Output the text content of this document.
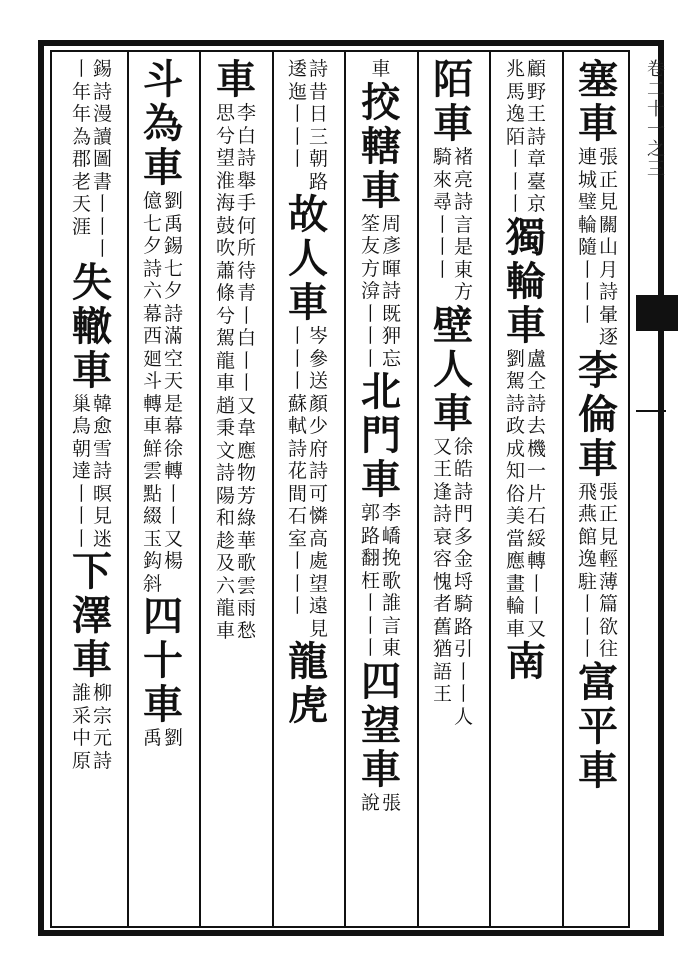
卷
二
十
一
之
三
塞
車
張
正
見
關
山
月
詩
暈
逐
連
城
璧
輪
隨
丨
丨
丨
李
倫
車
張
正
見
輕
薄
篇
欲
往
飛
燕
館
逸
駐
丨
丨
丨
富
平
車
顧
野
王
詩
章
臺
京
兆
馬
逸
陌
丨
丨
丨
獨
輪
車
盧
仝
詩
去
機
一
片
石
綏
轉
丨
丨
又
劉
駕
詩
政
成
知
俗
美
當
應
畫
輪
車
南
陌
車
褚
亮
詩
言
是
東
方
騎
來
尋
丨
丨
丨
壁
人
車
徐
皓
詩
門
多
金
埒
騎
路
引
丨
丨
人
又
王
逢
詩
衰
容
愧
者
舊
猶
語
王
車
挍
轄
車
周
彥
暉
詩
既
狎
忘
筌
友
方
渰
丨
丨
丨
北
門
車
李
嶠
挽
歌
誰
言
東
郭
路
翻
枉
丨
丨
丨
四
望
車
張
說
詩
昔
日
三
朝
路
逶
迤
丨
丨
丨
故
人
車
岑
參
送
顏
少
府
詩
可
憐
高
處
望
遠
見
丨
丨
丨
蘇
軾
詩
花
間
石
室
丨
丨
丨
龍
虎
車
李
白
詩
舉
手
何
所
待
青
丨
白
丨
丨
又
韋
應
物
芳
綠
華
歌
雲
雨
愁
思
兮
望
淮
海
鼓
吹
蕭
條
兮
駕
龍
車
趙
秉
文
詩
陽
和
趁
及
六
龍
車
斗
為
車
劉
禹
錫
七
夕
詩
滿
空
天
是
幕
徐
轉
丨
丨
又
楊
億
七
夕
詩
六
幕
西
廻
斗
轉
車
鮮
雲
點
綴
玉
鈎
斜
四
十
車
劉
禹
錫
詩
漫
讀
圖
書
丨
丨
丨
丨
年
年
為
郡
老
天
涯
失
轍
車
韓
愈
雪
詩
暝
見
迷
巢
鳥
朝
達
丨
丨
丨
下
澤
車
柳
宗
元
詩
誰
采
中
原
